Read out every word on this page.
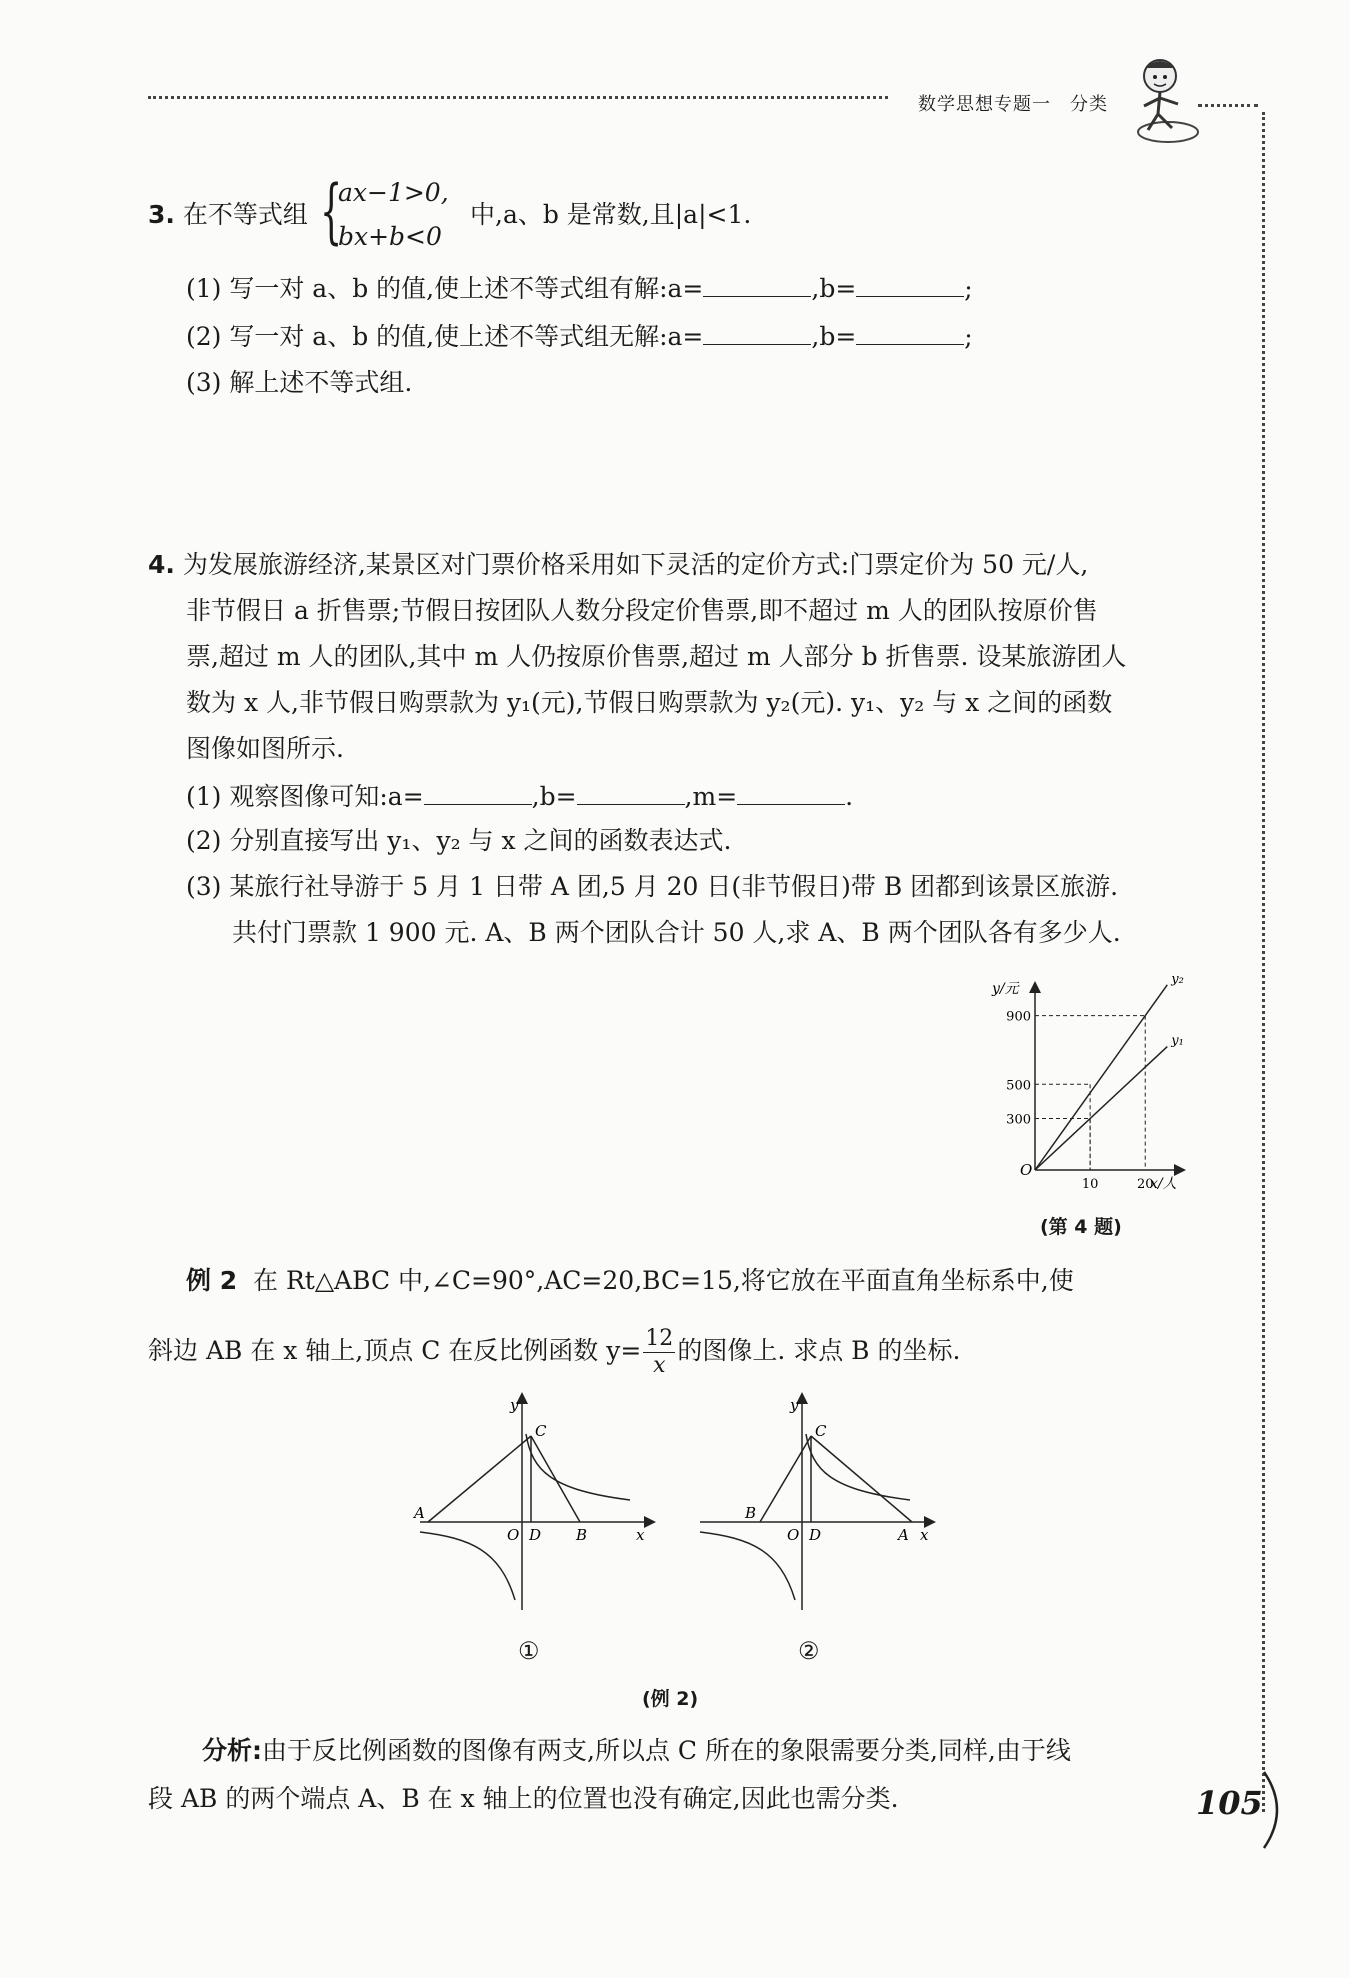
数学思想专题一　分类
3. 在不等式组 {
ax−1>0,
bx+b<0
中,a、b 是常数,且|a|<1.
(1) 写一对 a、b 的值,使上述不等式组有解:a=	,b=	;
(2) 写一对 a、b 的值,使上述不等式组无解:a=	,b=	;
(3) 解上述不等式组.
4. 为发展旅游经济,某景区对门票价格采用如下灵活的定价方式:门票定价为 50 元/人,
非节假日 a 折售票;节假日按团队人数分段定价售票,即不超过 m 人的团队按原价售
票,超过 m 人的团队,其中 m 人仍按原价售票,超过 m 人部分 b 折售票. 设某旅游团人
数为 x 人,非节假日购票款为 y₁(元),节假日购票款为 y₂(元). y₁、y₂ 与 x 之间的函数
图像如图所示.
(1) 观察图像可知:a=	,b=	,m=	.
(2) 分别直接写出 y₁、y₂ 与 x 之间的函数表达式.
(3) 某旅行社导游于 5 月 1 日带 A 团,5 月 20 日(非节假日)带 B 团都到该景区旅游.
共付门票款 1 900 元. A、B 两个团队合计 50 人,求 A、B 两个团队各有多少人.
y/元
x/人
O
y₂
y₁
300
500
900
10	20
(第 4 题)
例 2 在 Rt△ABC 中,∠C=90°,AC=20,BC=15,将它放在平面直角坐标系中,使
斜边 AB 在 x 轴上,顶点 C 在反比例函数 $y= \frac{12}{x}$ 的图像上. 求点 B 的坐标.
y
C
A
O D B	x
①
y
C
B
O D	A x
②
(例 2)
分析:由于反比例函数的图像有两支,所以点 C 所在的象限需要分类,同样,由于线
段 AB 的两个端点 A、B 在 x 轴上的位置也没有确定,因此也需分类.	105
